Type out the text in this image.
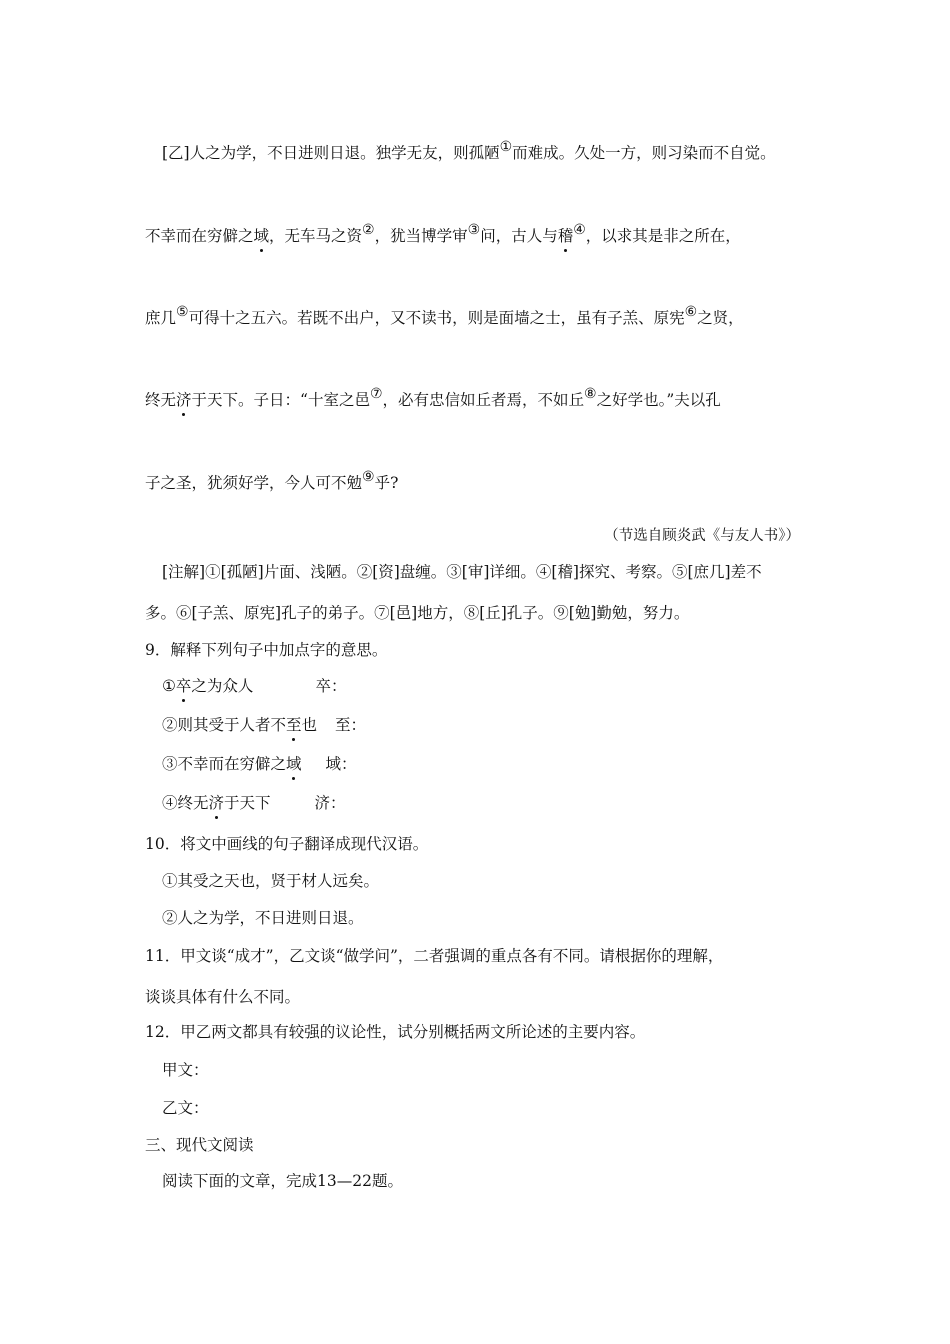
[乙]人之为学，不日进则日退。独学无友，则孤陋①而难成。久处一方，则习染而不自觉。
不幸而在穷僻之域，无车马之资②，犹当博学审③问，古人与稽④，以求其是非之所在，
庶几⑤可得十之五六。若既不出户，又不读书，则是面墙之士，虽有子羔、原宪⑥之贤，
终无济于天下。子日：“十室之邑⑦，必有忠信如丘者焉，不如丘⑧之好学也。”夫以孔
子之圣，犹须好学，今人可不勉⑨乎?
（节选自顾炎武《与友人书》）
[注解]①[孤陋]片面、浅陋。②[资]盘缠。③[审]详细。④[稽]探究、考察。⑤[庶几]差不
多。⑥[子羔、原宪]孔子的弟子。⑦[邑]地方，⑧[丘]孔子。⑨[勉]勤勉，努力。
9．解释下列句子中加点字的意思。
①卒之为众人	卒：
②则其受于人者不至也 至：
③不幸而在穷僻之域 域：
④终无济于天下	济：
10．将文中画线的句子翻译成现代汉语。
①其受之天也，贤于材人远矣。
②人之为学，不日进则日退。
11．甲文谈“成才”，乙文谈“做学问”，二者强调的重点各有不同。请根据你的理解，
谈谈具体有什么不同。
12．甲乙两文都具有较强的议论性，试分别概括两文所论述的主要内容。
甲文：
乙文：
三、现代文阅读
阅读下面的文章，完成13—22题。
